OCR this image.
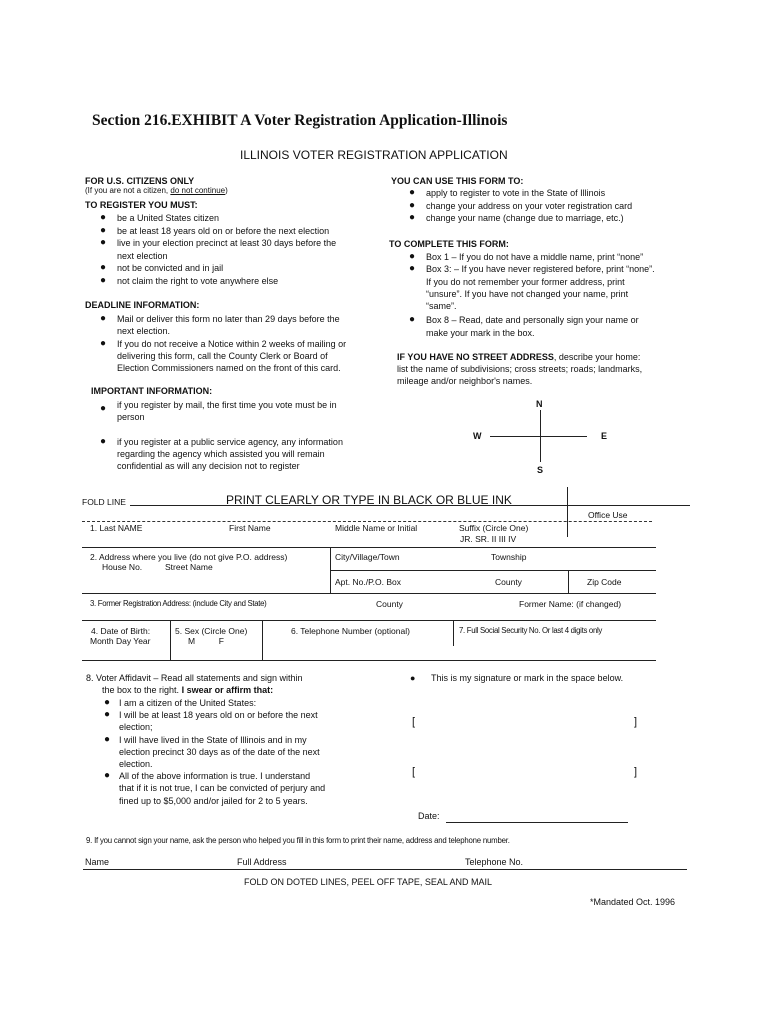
Section 216.EXHIBIT A Voter Registration Application-Illinois
ILLINOIS VOTER REGISTRATION APPLICATION
FOR U.S. CITIZENS ONLY
(If you are not a citizen, do not continue)
TO REGISTER YOU MUST:
● be a United States citizen
● be at least 18 years old on or before the next election
● live in your election precinct at least 30 days before the
next election
● not be convicted and in jail
● not claim the right to vote anywhere else
DEADLINE INFORMATION:
● Mail or deliver this form no later than 29 days before the
next election.
● If you do not receive a Notice within 2 weeks of mailing or
delivering this form, call the County Clerk or Board of
Election Commissioners named on the front of this card.
IMPORTANT INFORMATION:
● if you register by mail, the first time you vote must be in
person
● if you register at a public service agency, any information
regarding the agency which assisted you will remain
confidential as will any decision not to register
YOU CAN USE THIS FORM TO:
● apply to register to vote in the State of Illinois
● change your address on your voter registration card
● change your name (change due to marriage, etc.)
TO COMPLETE THIS FORM:
● Box 1 – If you do not have a middle name, print “none”
● Box 3: – If you have never registered before, print “none”.
If you do not remember your former address, print
“unsure”. If you have not changed your name, print
“same”.
● Box 8 – Read, date and personally sign your name or
make your mark in the box.
IF YOU HAVE NO STREET ADDRESS, describe your home:
list the name of subdivisions; cross streets; roads; landmarks,
mileage and/or neighbor's names.
N
S
W	E
FOLD LINE	PRINT CLEARLY OR TYPE IN BLACK OR BLUE INK
Office Use
1. Last NAME	First Name	Middle Name or Initial	Suffix (Circle One)
JR. SR. II III IV
2. Address where you live (do not give P.O. address)
House No.	Street Name
City/Village/Town	Township
Apt. No./P.O. Box	County	Zip Code
3. Former Registration Address: (include City and State)	County	Former Name: (if changed)
4. Date of Birth:
Month Day Year
5. Sex (Circle One)
M          F
6. Telephone Number (optional)	7. Full Social Security No. Or last 4 digits only
8. Voter Affidavit – Read all statements and sign within
the box to the right. I swear or affirm that:
● I am a citizen of the United States:
● I will be at least 18 years old on or before the next
election;
● I will have lived in the State of Illinois and in my
election precinct 30 days as of the date of the next
election.
● All of the above information is true. I understand
that if it is not true, I can be convicted of perjury and
fined up to $5,000 and/or jailed for 2 to 5 years.
● This is my signature or mark in the space below.
[	]
[	]
Date:
9. If you cannot sign your name, ask the person who helped you fill in this form to print their name, address and telephone number.
Name	Full Address	Telephone No.
FOLD ON DOTED LINES, PEEL OFF TAPE, SEAL AND MAIL
*Mandated Oct. 1996
